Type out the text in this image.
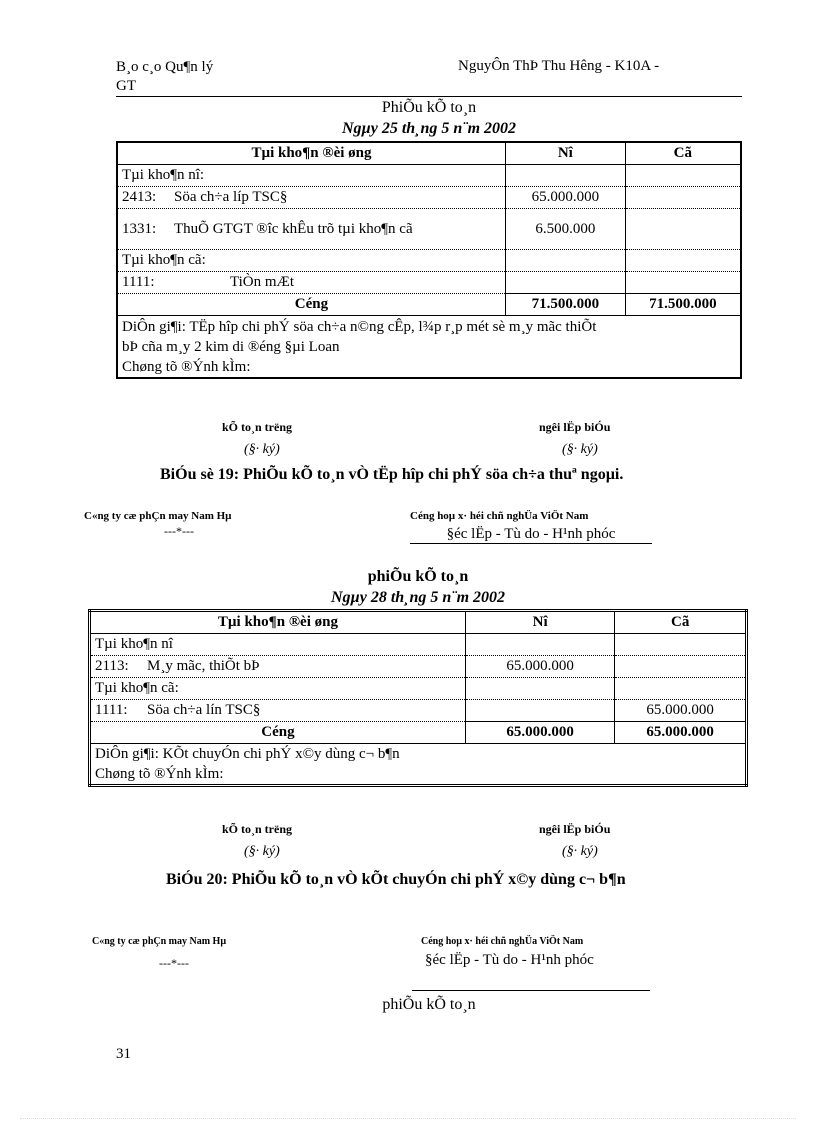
B¸o c¸o Qu¶n lý
GT
NguyÔn ThÞ Thu Hêng - K10A -
PhiÕu kÕ to¸n
Ngµy 25 th¸ng 5 n¨m 2002
Tµi kho¶n ®èi øng	Nî	Cã
Tµi kho¶n nî:		
2413: Söa ch÷a líp TSC§	65.000.000	
1331: ThuÕ GTGT ®îc khÊu trõ tµi kho¶n cã	6.500.000	
Tµi kho¶n cã:		
1111: TiÒn mÆt		
Céng	71.500.000	71.500.000

DiÔn gi¶i: TËp hîp chi phÝ söa ch÷a n©ng cÊp, l¾p r¸p mét sè m¸y mãc thiÕt
bÞ cña m¸y 2 kim di ®éng §µi Loan
Chøng tõ ®Ýnh kÌm:		
kÕ to¸n trëng
(§· ký)
ngêi lËp biÓu
(§· ký)
BiÓu sè 19: PhiÕu kÕ to¸n vÒ tËp hîp chi phÝ söa ch÷a thuª ngoµi.
C«ng ty cæ phÇn may Nam Hµ
---*---
Céng hoµ x· héi chñ nghÜa ViÖt Nam
§éc lËp - Tù do - H¹nh phóc
phiÕu kÕ to¸n
Ngµy 28 th¸ng 5 n¨m 2002
Tµi kho¶n ®èi øng	Nî	Cã
Tµi kho¶n nî		
2113: M¸y mãc, thiÕt bÞ	65.000.000	
Tµi kho¶n cã:		
1111: Söa ch÷a lín TSC§		65.000.000
Céng	65.000.000	65.000.000

DiÔn gi¶i: KÕt chuyÓn chi phÝ x©y dùng c¬ b¶n
Chøng tõ ®Ýnh kÌm:		
kÕ to¸n trëng
(§· ký)
ngêi lËp biÓu
(§· ký)
BiÓu 20: PhiÕu kÕ to¸n vÒ kÕt chuyÓn chi phÝ x©y dùng c¬ b¶n
C«ng ty cæ phÇn may Nam Hµ
---*---
Céng hoµ x· héi chñ nghÜa ViÖt Nam
§éc lËp - Tù do - H¹nh phóc
phiÕu kÕ to¸n
31
